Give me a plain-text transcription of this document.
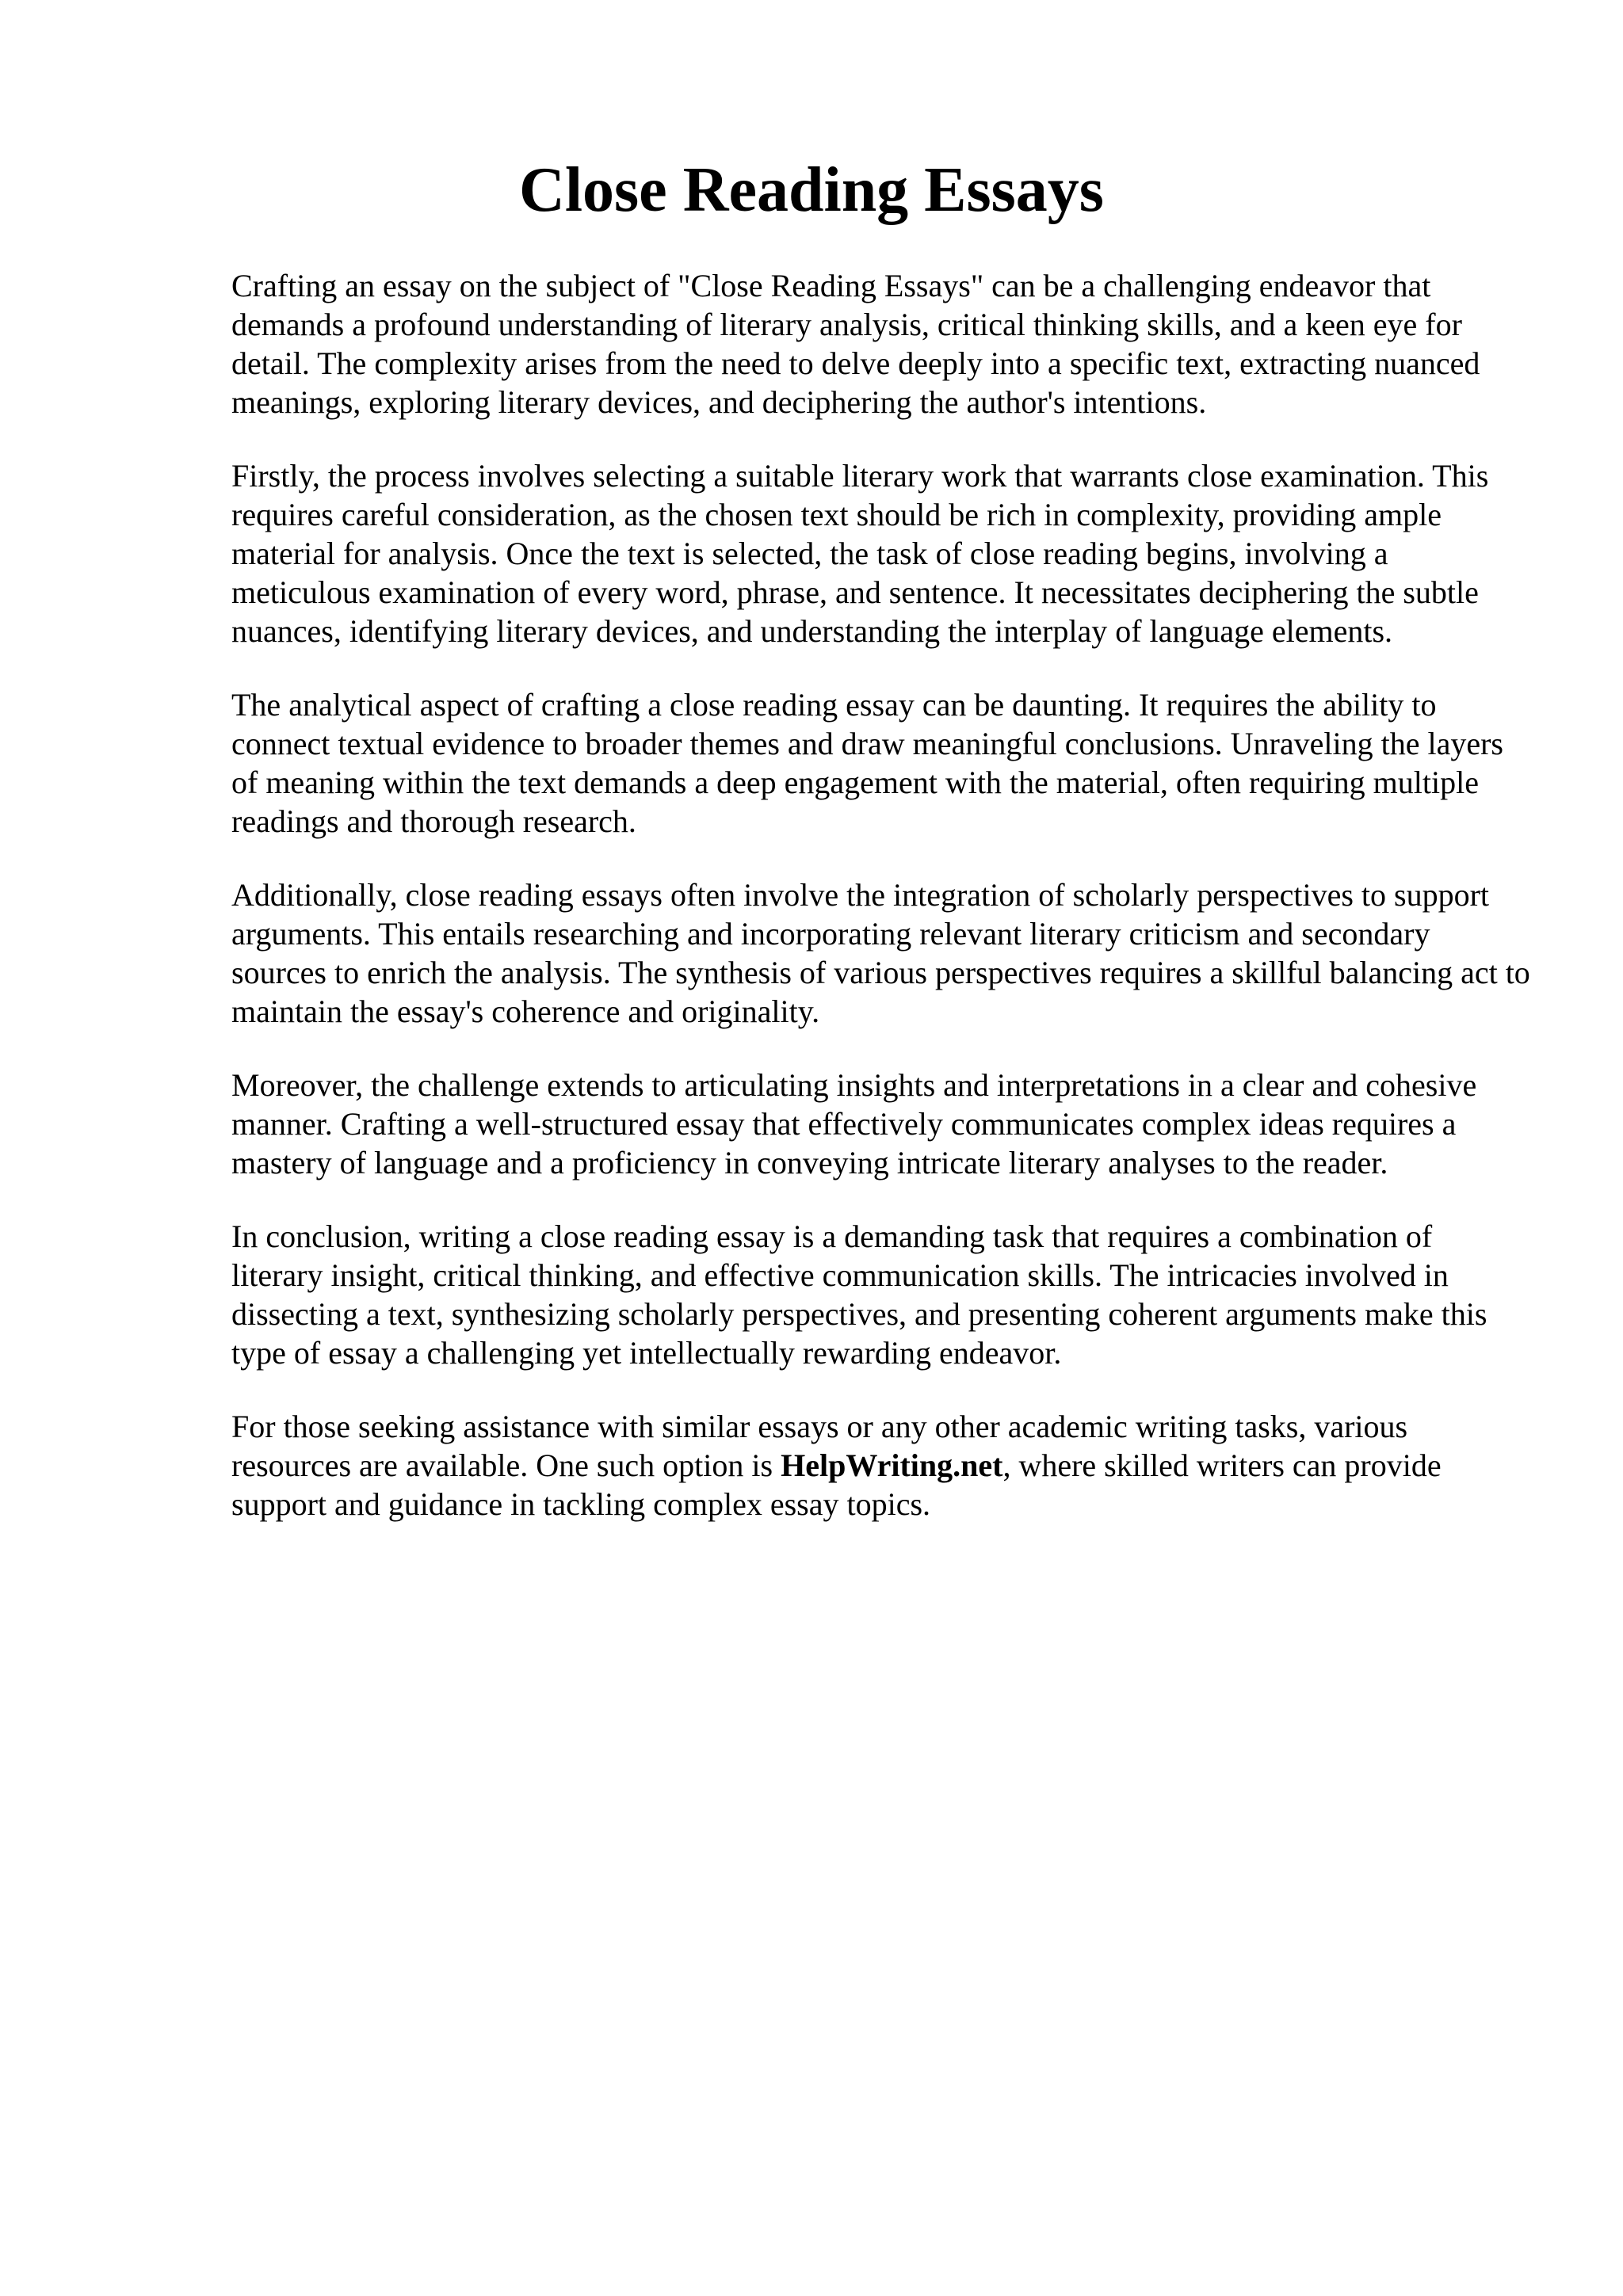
Close Reading Essays

Crafting an essay on the subject of "Close Reading Essays" can be a challenging endeavor that demands a profound understanding of literary analysis, critical thinking skills, and a keen eye for detail. The complexity arises from the need to delve deeply into a specific text, extracting nuanced meanings, exploring literary devices, and deciphering the author's intentions.

Firstly, the process involves selecting a suitable literary work that warrants close examination. This requires careful consideration, as the chosen text should be rich in complexity, providing ample material for analysis. Once the text is selected, the task of close reading begins, involving a meticulous examination of every word, phrase, and sentence. It necessitates deciphering the subtle nuances, identifying literary devices, and understanding the interplay of language elements.

The analytical aspect of crafting a close reading essay can be daunting. It requires the ability to connect textual evidence to broader themes and draw meaningful conclusions. Unraveling the layers of meaning within the text demands a deep engagement with the material, often requiring multiple readings and thorough research.

Additionally, close reading essays often involve the integration of scholarly perspectives to support arguments. This entails researching and incorporating relevant literary criticism and secondary sources to enrich the analysis. The synthesis of various perspectives requires a skillful balancing act to maintain the essay's coherence and originality.

Moreover, the challenge extends to articulating insights and interpretations in a clear and cohesive manner. Crafting a well-structured essay that effectively communicates complex ideas requires a mastery of language and a proficiency in conveying intricate literary analyses to the reader.

In conclusion, writing a close reading essay is a demanding task that requires a combination of literary insight, critical thinking, and effective communication skills. The intricacies involved in dissecting a text, synthesizing scholarly perspectives, and presenting coherent arguments make this type of essay a challenging yet intellectually rewarding endeavor.

For those seeking assistance with similar essays or any other academic writing tasks, various resources are available. One such option is HelpWriting.net, where skilled writers can provide support and guidance in tackling complex essay topics.
